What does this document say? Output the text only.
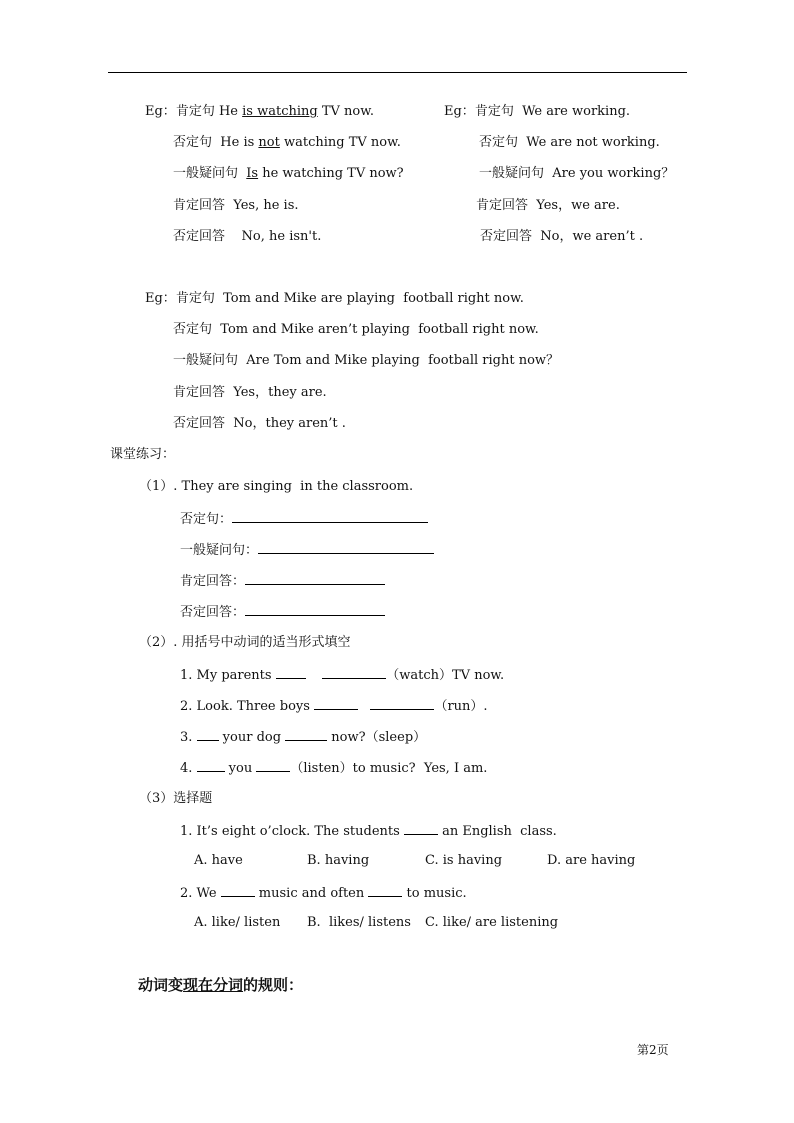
Eg：肯定句 He is watching TV now.
否定句 He is not watching TV now.
一般疑问句 Is he watching TV now?
肯定回答 Yes, he is.
否定回答 No, he isn't.
Eg：肯定句 We are working.
否定句 We are not working.
一般疑问句 Are you working？
肯定回答 Yes，we are.
否定回答 No，we aren’t .
Eg：肯定句 Tom and Mike are playing  football right now.
否定句 Tom and Mike aren’t playing  football right now.
一般疑问句 Are Tom and Mike playing  football right now？
肯定回答 Yes，they are.
否定回答 No，they aren’t .
课堂练习：
（1）. They are singing  in the classroom.
否定句：
一般疑问句：
肯定回答：
否定回答：
（2）. 用括号中动词的适当形式填空
1. My parents	（watch）TV now.
2. Look. Three boys	（run）.
3.  your dog	now?（sleep）
4.  you	（listen）to music?  Yes, I am.
（3）选择题
1. It’s eight o’clock. The students	an English  class.
A. have	B. having	C. is having	D. are having
2. We	music and often	to music.
A. like/ listen B.  likes/ listens C. like/ are listening
动词变现在分词的规则：
第2页
